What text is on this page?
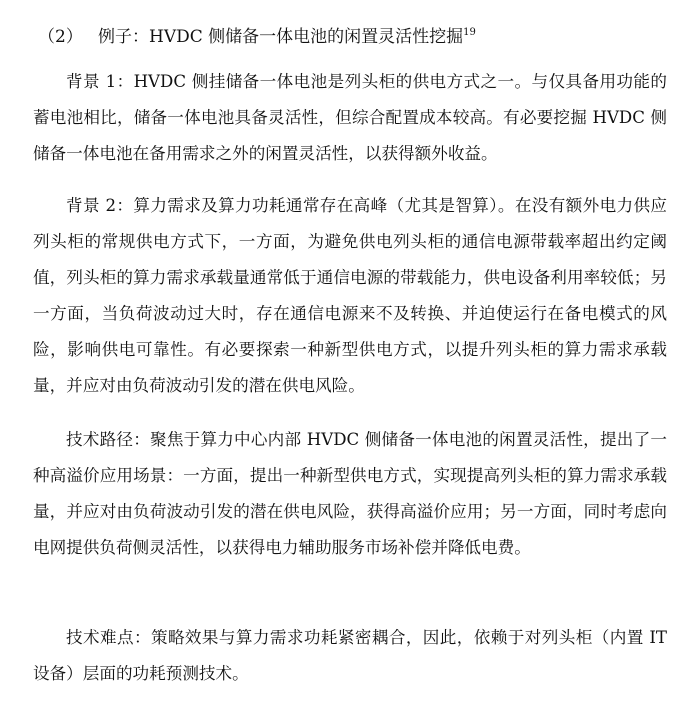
（2） 例子：HVDC 侧储备一体电池的闲置灵活性挖掘$^{19}$

背景 1：HVDC 侧挂储备一体电池是列头柜的供电方式之一。与仅具备用功能的蓄电池相比，储备一体电池具备灵活性，但综合配置成本较高。有必要挖掘 HVDC 侧储备一体电池在备用需求之外的闲置灵活性，以获得额外收益。

背景 2：算力需求及算力功耗通常存在高峰（尤其是智算）。在没有额外电力供应列头柜的常规供电方式下，一方面，为避免供电列头柜的通信电源带载率超出约定阈值，列头柜的算力需求承载量通常低于通信电源的带载能力，供电设备利用率较低；另一方面，当负荷波动过大时，存在通信电源来不及转换、并迫使运行在备电模式的风险，影响供电可靠性。有必要探索一种新型供电方式，以提升列头柜的算力需求承载量，并应对由负荷波动引发的潜在供电风险。

技术路径：聚焦于算力中心内部 HVDC 侧储备一体电池的闲置灵活性，提出了一种高溢价应用场景：一方面，提出一种新型供电方式，实现提高列头柜的算力需求承载量，并应对由负荷波动引发的潜在供电风险，获得高溢价应用；另一方面，同时考虑向电网提供负荷侧灵活性，以获得电力辅助服务市场补偿并降低电费。

技术难点：策略效果与算力需求功耗紧密耦合，因此，依赖于对列头柜（内置 IT 设备）层面的功耗预测技术。
